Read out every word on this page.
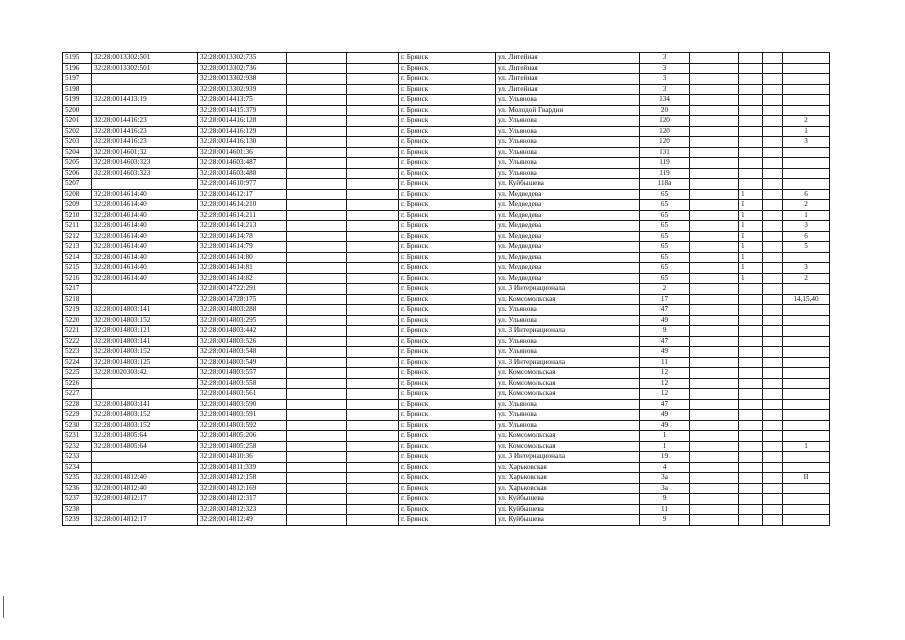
5195	32:28:0013302:501	32:28:0013302:735			г. Брянск	ул. Литейная	3				
5196	32:28:0013302:501	32:28:0013302:736			г. Брянск	ул. Литейная	3				
5197		32:28:0013302:938			г. Брянск	ул. Литейная	3				
5198		32:28:0013302:939			г. Брянск	ул. Литейная	3				
5199	32:28:0014413:19	32:28:0014413:75			г. Брянск	ул. Ульянова	134				
5200		32:28:0014415:379			г. Брянск	ул. Молодой Гвардии	20				
5201	32:28:0014416:23	32:28:0014416:128			г. Брянск	ул. Ульянова	120				2
5202	32:28:0014416:23	32:28:0014416:129			г. Брянск	ул. Ульянова	120				1
5203	32:28:0014416:23	32:28:0014416:130			г. Брянск	ул. Ульянова	120				3
5204	32:28:0014601:32	32:28:0014601:36			г. Брянск	ул. Ульянова	131				
5205	32:28:0014603:323	32:28:0014603:487			г. Брянск	ул. Ульянова	119				
5206	32:28:0014603:323	32:28:0014603:488			г. Брянск	ул. Ульянова	119				
5207		32:28:0014610:977			г. Брянск	ул. Куйбышева	118а				
5208	32:28:0014614:40	32:28:0014612:17			г. Брянск	ул. Медведева	65		1		6
5209	32:28:0014614:40	32:28:0014614:210			г. Брянск	ул. Медведева	65		1		2
5210	32:28:0014614:40	32:28:0014614:211			г. Брянск	ул. Медведева	65		1		1
5211	32:28:0014614:40	32:28:0014614:213			г. Брянск	ул. Медведева	65		1		3
5212	32:28:0014614:40	32:28:0014614:78			г. Брянск	ул. Медведева	65		1		6
5213	32:28:0014614:40	32:28:0014614:79			г. Брянск	ул. Медведева	65		1		5
5214	32:28:0014614:40	32:28:0014614:80			г. Брянск	ул. Медведева	65		1		
5215	32:28:0014614:40	32:28:0014614:81			г. Брянск	ул. Медведева	65		1		3
5216	32:28:0014614:40	32:28:0014614:82			г. Брянск	ул. Медведева	65		1		2
5217		32:28:0014722:291			г. Брянск	ул. 3 Интернационала	2				
5218		32:28:0014728:175			г. Брянск	ул. Комсомольская	17				14,15,40
5219	32:28:0014803:141	32:28:0014803:288			г. Брянск	ул. Ульянова	47				
5220	32:28:0014803:152	32:28:0014803:295			г. Брянск	ул. Ульянова	49				
5221	32:28:0014803:121	32:28:0014803:442			г. Брянск	ул. 3 Интернационала	9				
5222	32:28:0014803:141	32:28:0014803:526			г. Брянск	ул. Ульянова	47				
5223	32:28:0014803:152	32:28:0014803:548			г. Брянск	ул. Ульянова	49				
5224	32:28:0014803:125	32:28:0014803:549			г. Брянск	ул. 3 Интернационала	11				
5225	32:28:0020303:42	32:28:0014803:557			г. Брянск	ул. Комсомольская	12				
5226		32:28:0014803:558			г. Брянск	ул. Комсомольская	12				
5227		32:28:0014803:561			г. Брянск	ул. Комсомольская	12				
5228	32:28:0014803:141	32:28:0014803:590			г. Брянск	ул. Ульянова	47				
5229	32:28:0014803:152	32:28:0014803:591			г. Брянск	ул. Ульянова	49				
5230	32:28:0014803:152	32:28:0014803:592			г. Брянск	ул. Ульянова	49				
5231	32:28:0014805:64	32:28:0014805:206			г. Брянск	ул. Комсомольская	1				
5232	32:28:0014805:64	32:28:0014805:258			г. Брянск	ул. Комсомольская	1				1
5233		32:28:0014810:36			г. Брянск	ул. 3 Интернационала	19				
5234		32:28:0014811:339			г. Брянск	ул. Харьковская	4				
5235	32:28:0014812:40	32:28:0014812:158			г. Брянск	ул. Харьковская	3а				II
5236	32:28:0014812:40	32:28:0014812:169			г. Брянск	ул. Харьковская	3а				
5237	32:28:0014812:17	32:28:0014812:317			г. Брянск	ул. Куйбышева	9				
5238		32:28:0014812:323			г. Брянск	ул. Куйбышева	11				
5239	32:28:0014812:17	32:28:0014812:49			г. Брянск	ул. Куйбышева	9				
